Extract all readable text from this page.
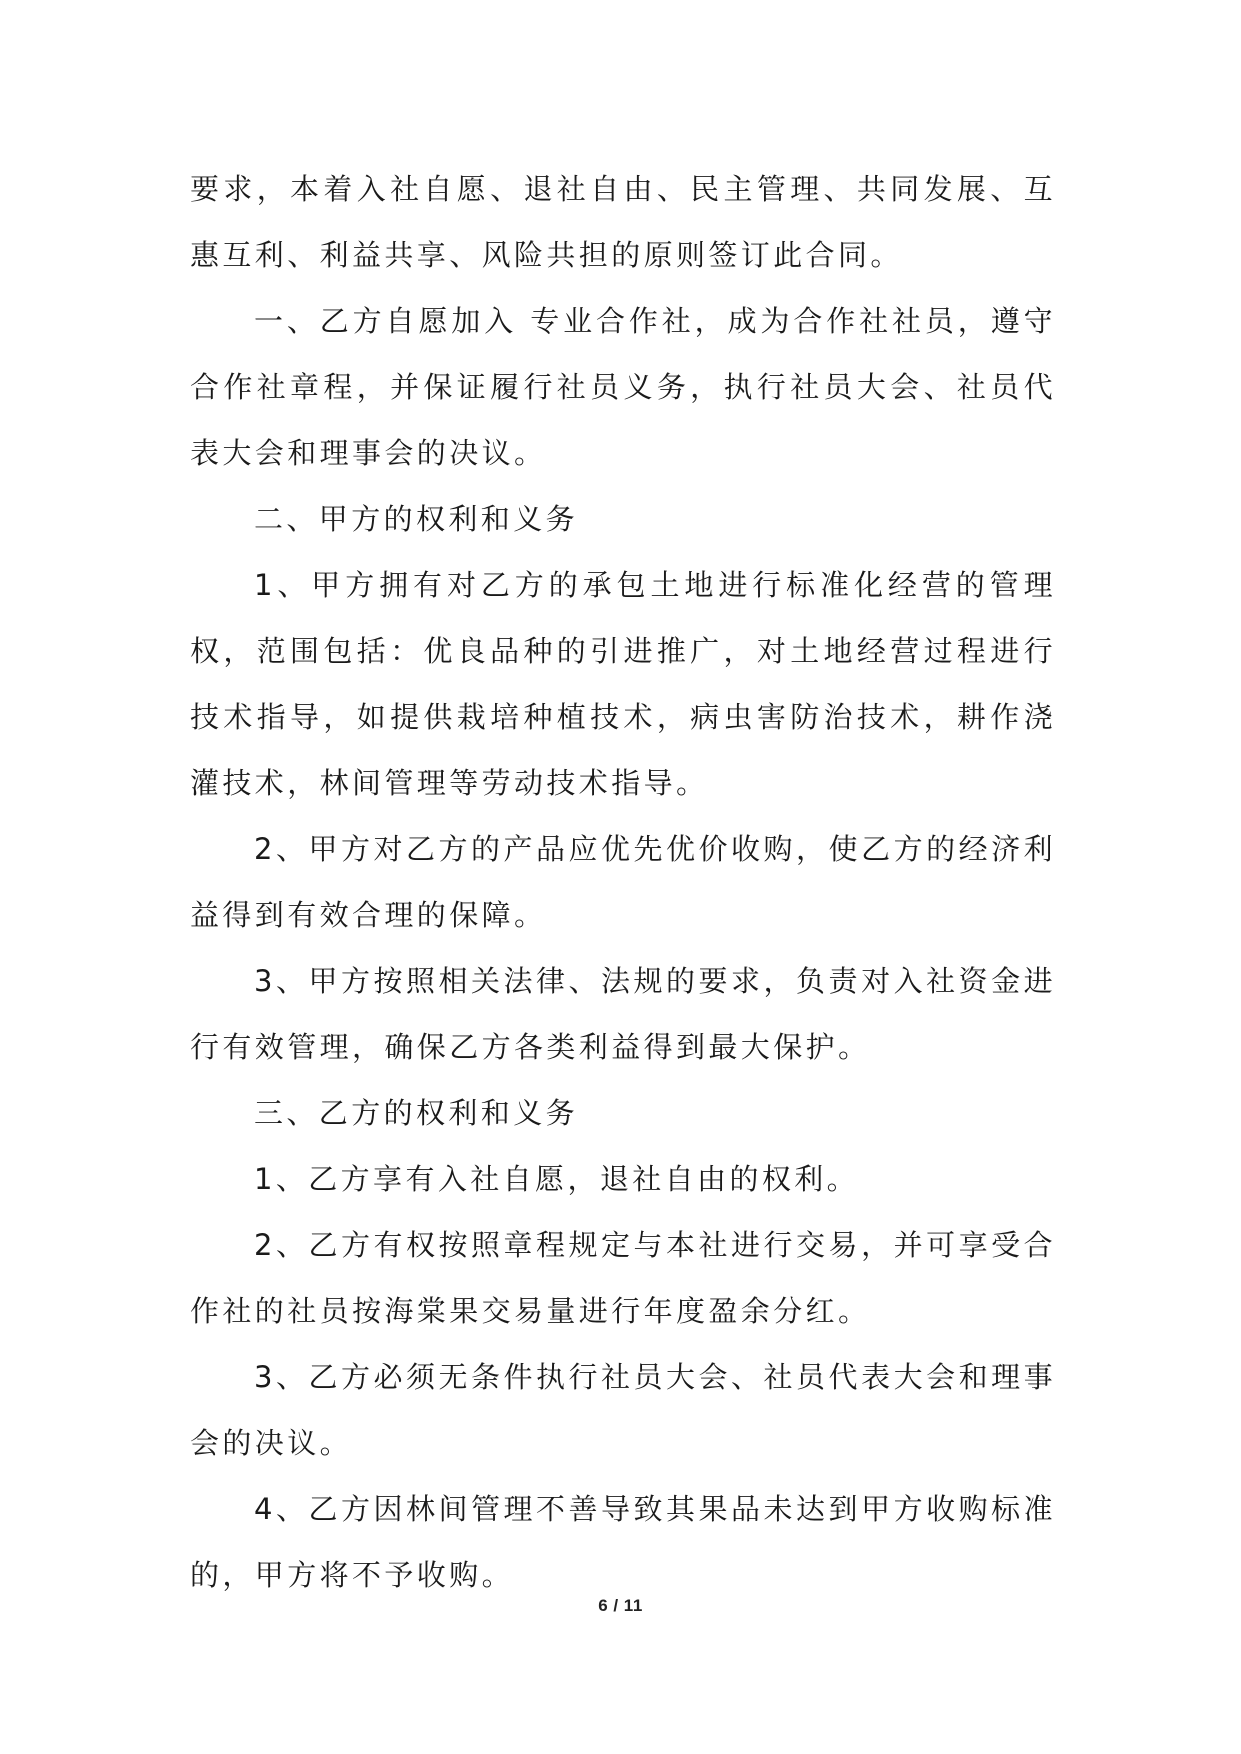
要求，本着入社自愿、退社自由、民主管理、共同发展、互惠互利、利益共享、风险共担的原则签订此合同。

一、乙方自愿加入 专业合作社，成为合作社社员，遵守合作社章程，并保证履行社员义务，执行社员大会、社员代表大会和理事会的决议。

二、甲方的权利和义务

1、甲方拥有对乙方的承包土地进行标准化经营的管理权，范围包括：优良品种的引进推广，对土地经营过程进行技术指导，如提供栽培种植技术，病虫害防治技术，耕作浇灌技术，林间管理等劳动技术指导。

2、甲方对乙方的产品应优先优价收购，使乙方的经济利益得到有效合理的保障。

3、甲方按照相关法律、法规的要求，负责对入社资金进行有效管理，确保乙方各类利益得到最大保护。

三、乙方的权利和义务

1、乙方享有入社自愿，退社自由的权利。

2、乙方有权按照章程规定与本社进行交易，并可享受合作社的社员按海棠果交易量进行年度盈余分红。

3、乙方必须无条件执行社员大会、社员代表大会和理事会的决议。

4、乙方因林间管理不善导致其果品未达到甲方收购标准的，甲方将不予收购。

6 / 11
